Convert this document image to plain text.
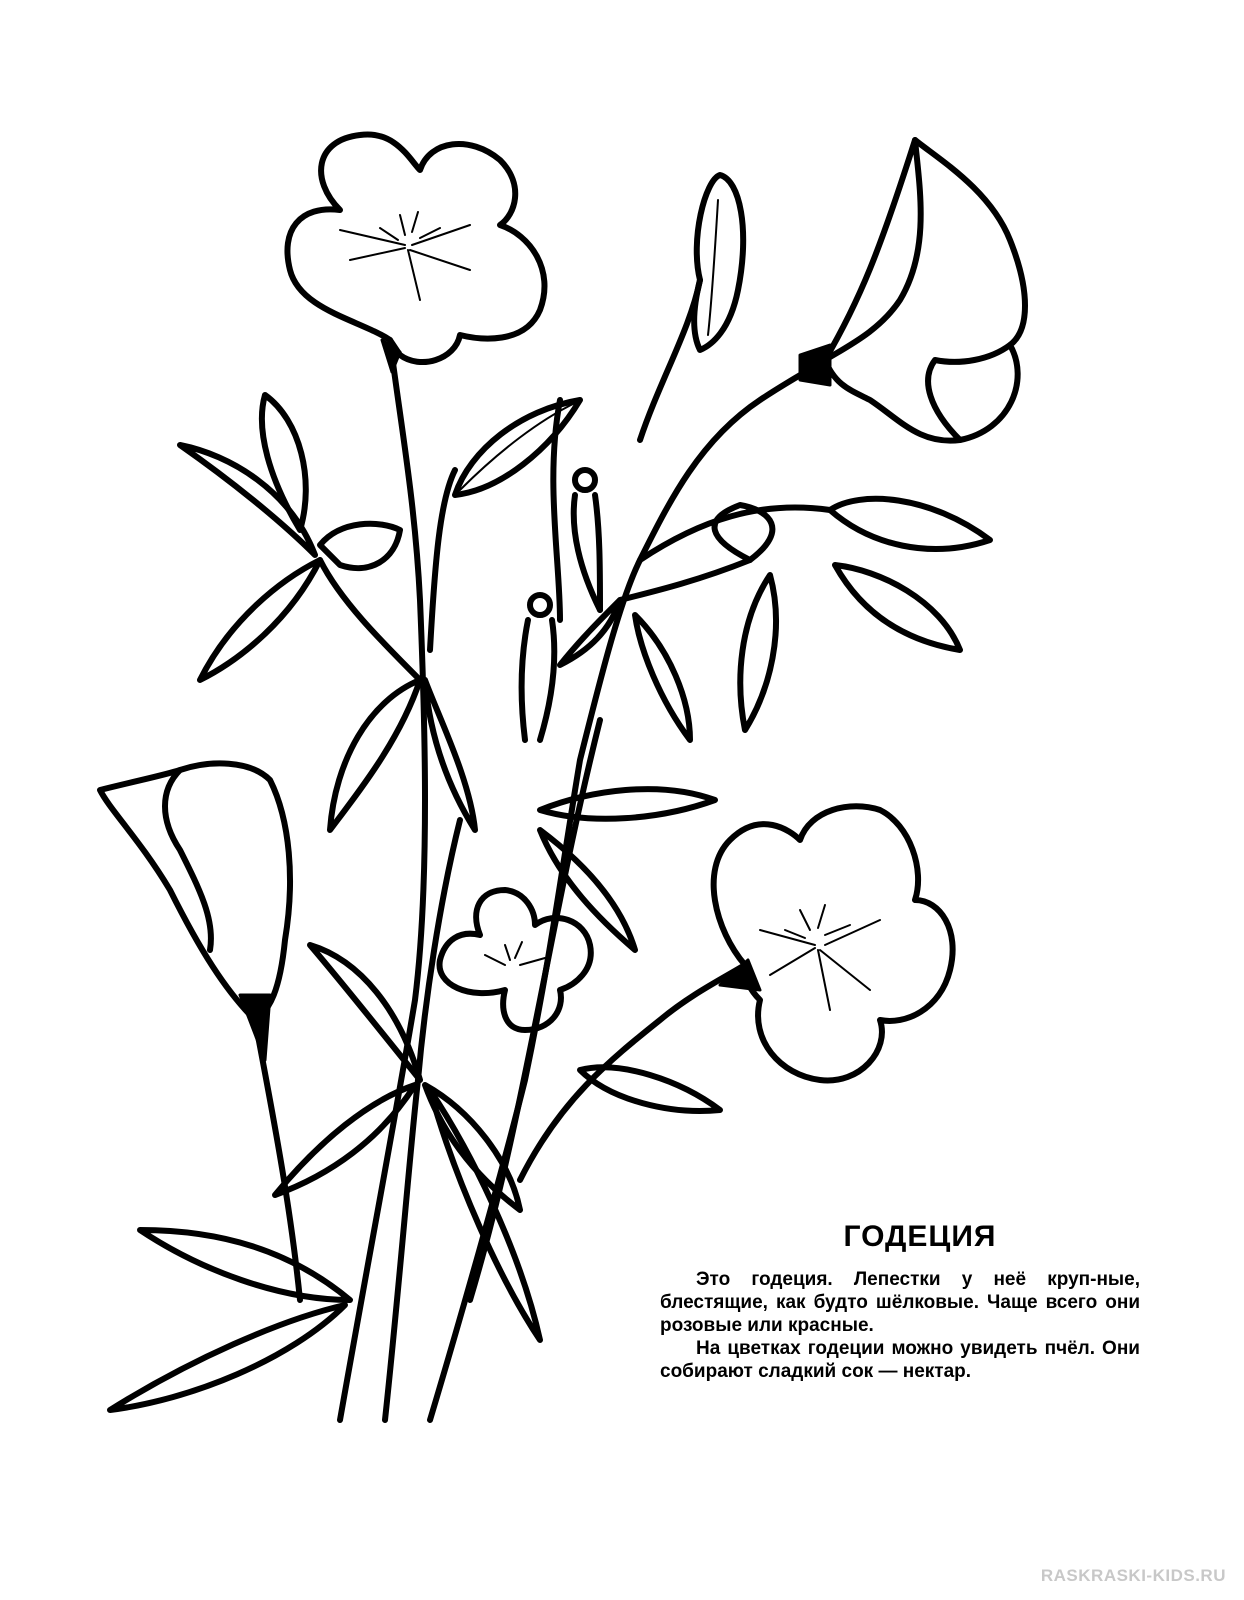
ГОДЕЦИЯ

Это годеция. Лепестки у неё круп-ные, блестящие, как будто шёлковые. Чаще всего они розовые или красные.

На цветках годеции можно увидеть пчёл. Они собирают сладкий сок — нектар.

RASKRASKI-KIDS.RU
